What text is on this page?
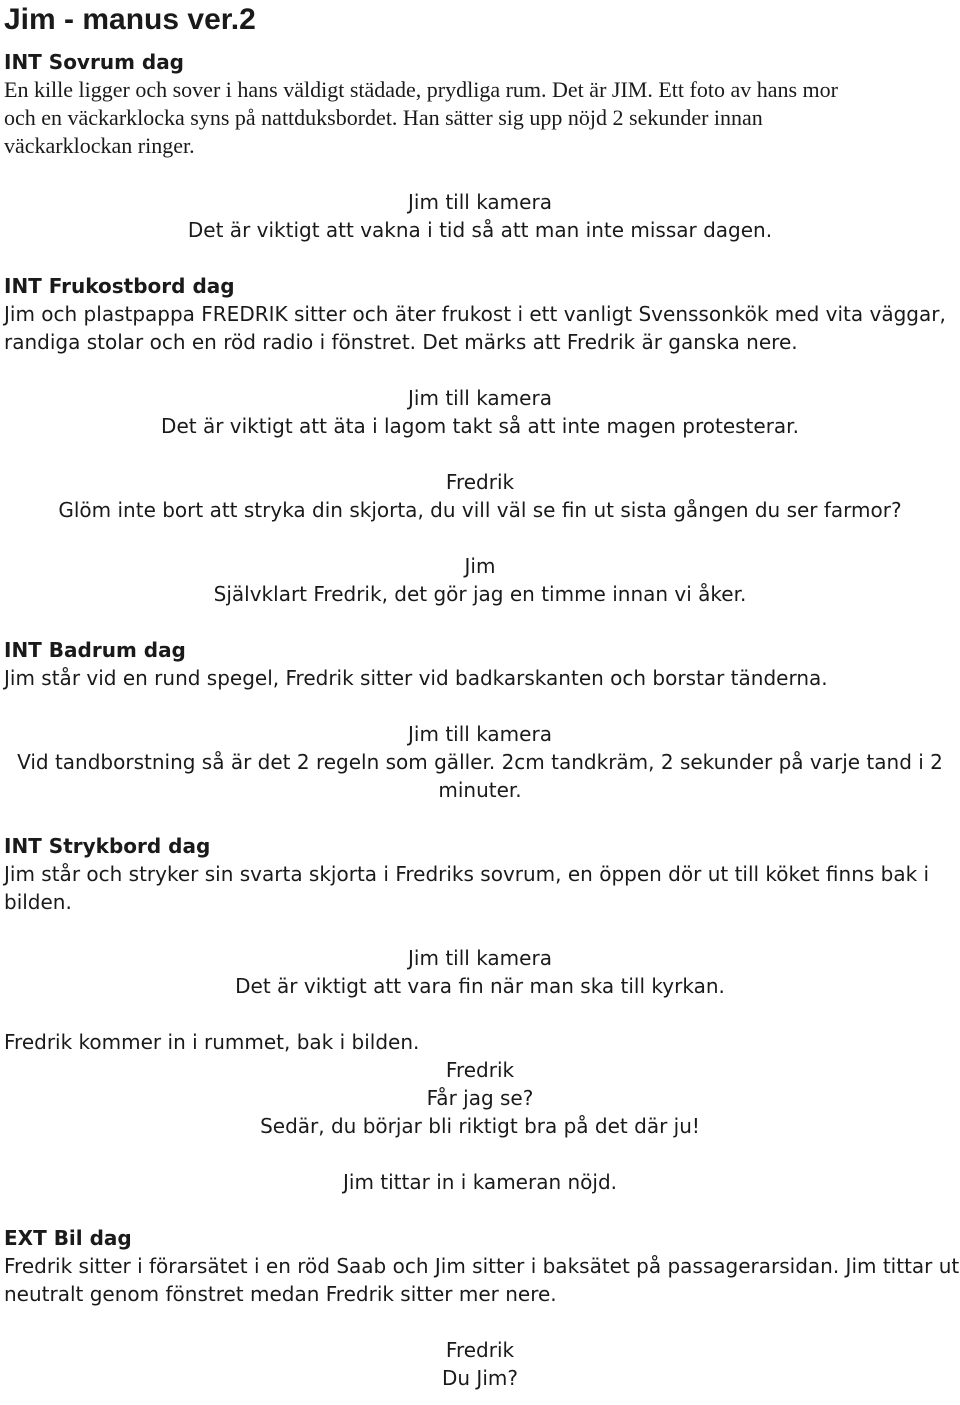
Jim - manus ver.2
INT Sovrum dag
En kille ligger och sover i hans väldigt städade, prydliga rum. Det är JIM. Ett foto av hans mor
och en väckarklocka syns på nattduksbordet. Han sätter sig upp nöjd 2 sekunder innan
väckarklockan ringer.
Jim till kamera
Det är viktigt att vakna i tid så att man inte missar dagen.
INT Frukostbord dag
Jim och plastpappa FREDRIK sitter och äter frukost i ett vanligt Svenssonkök med vita väggar,
randiga stolar och en röd radio i fönstret. Det märks att Fredrik är ganska nere.
Jim till kamera
Det är viktigt att äta i lagom takt så att inte magen protesterar.
Fredrik
Glöm inte bort att stryka din skjorta, du vill väl se fin ut sista gången du ser farmor?
Jim
Självklart Fredrik, det gör jag en timme innan vi åker.
INT Badrum dag
Jim står vid en rund spegel, Fredrik sitter vid badkarskanten och borstar tänderna.
Jim till kamera
Vid tandborstning så är det 2 regeln som gäller. 2cm tandkräm, 2 sekunder på varje tand i 2
minuter.
INT Strykbord dag
Jim står och stryker sin svarta skjorta i Fredriks sovrum, en öppen dör ut till köket finns bak i
bilden.
Jim till kamera
Det är viktigt att vara fin när man ska till kyrkan.
Fredrik kommer in i rummet, bak i bilden.
Fredrik
Får jag se?
Sedär, du börjar bli riktigt bra på det där ju!
Jim tittar in i kameran nöjd.
EXT Bil dag
Fredrik sitter i förarsätet i en röd Saab och Jim sitter i baksätet på passagerarsidan. Jim tittar ut
neutralt genom fönstret medan Fredrik sitter mer nere.
Fredrik
Du Jim?
